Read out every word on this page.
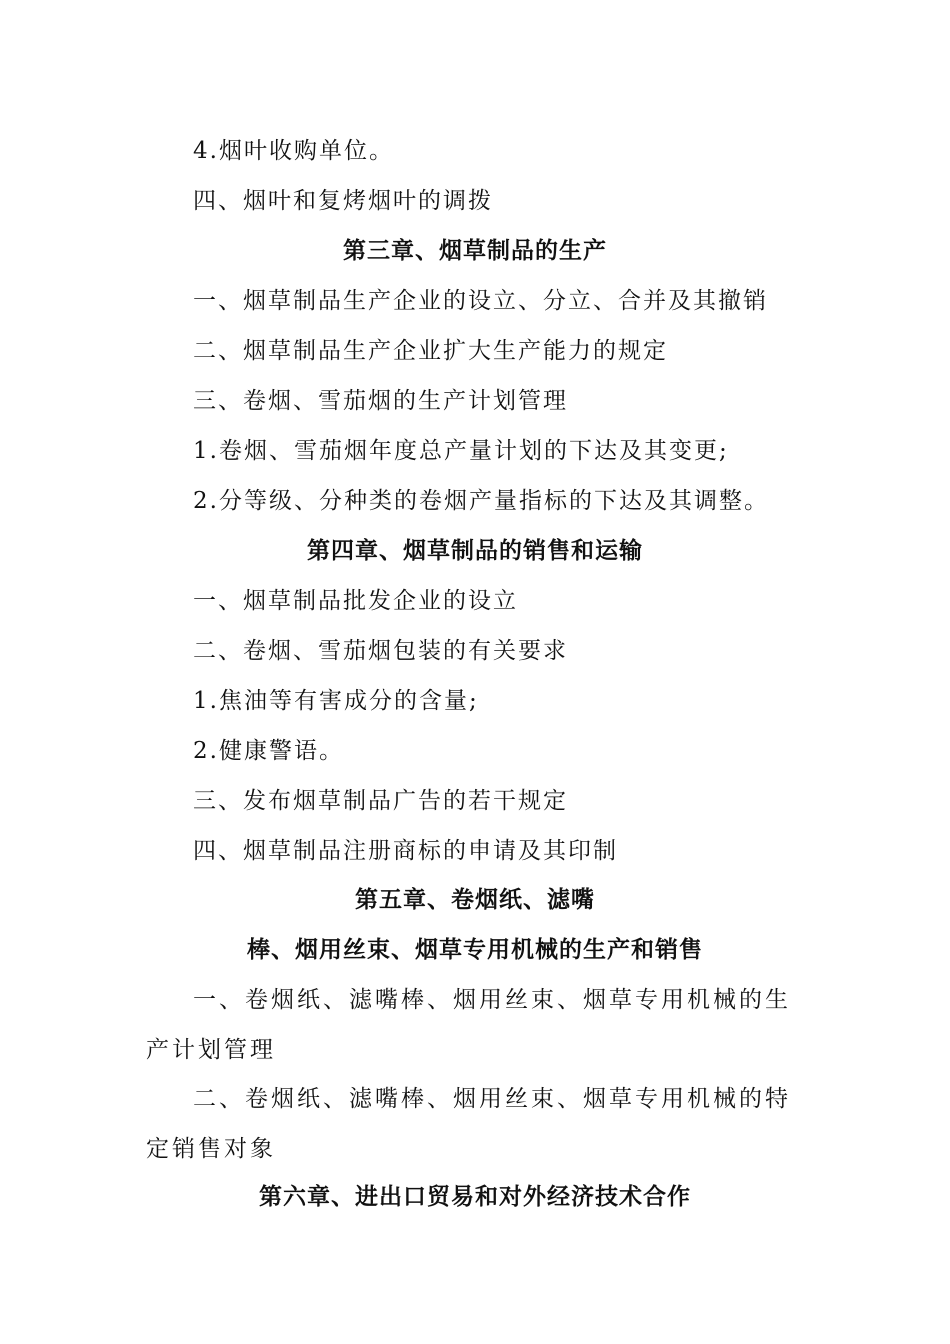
4.烟叶收购单位。
四、烟叶和复烤烟叶的调拨
第三章、烟草制品的生产
一、烟草制品生产企业的设立、分立、合并及其撤销
二、烟草制品生产企业扩大生产能力的规定
三、卷烟、雪茄烟的生产计划管理
1.卷烟、雪茄烟年度总产量计划的下达及其变更;
2.分等级、分种类的卷烟产量指标的下达及其调整。
第四章、烟草制品的销售和运输
一、烟草制品批发企业的设立
二、卷烟、雪茄烟包装的有关要求
1.焦油等有害成分的含量;
2.健康警语。
三、发布烟草制品广告的若干规定
四、烟草制品注册商标的申请及其印制
第五章、卷烟纸、滤嘴
棒、烟用丝束、烟草专用机械的生产和销售
一、卷烟纸、滤嘴棒、烟用丝束、烟草专用机械的生产计划管理
二、卷烟纸、滤嘴棒、烟用丝束、烟草专用机械的特定销售对象
第六章、进出口贸易和对外经济技术合作
